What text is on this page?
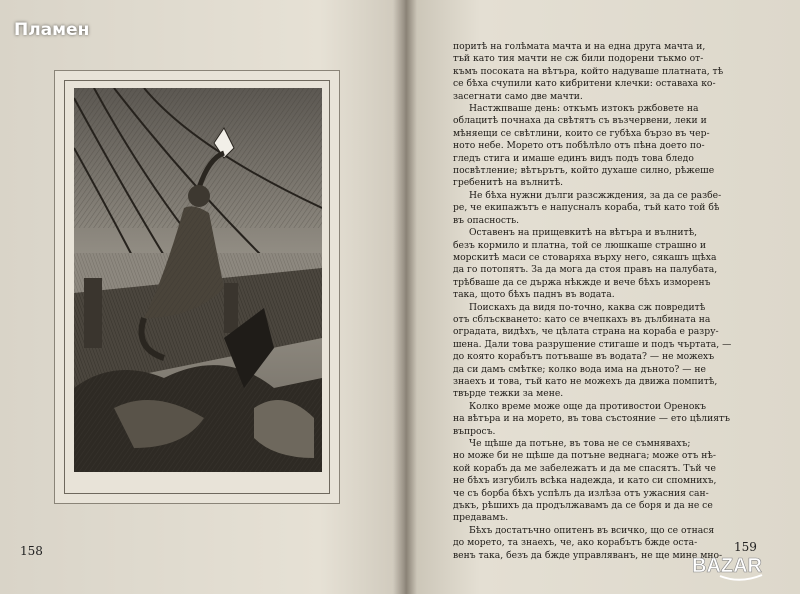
Пламен
158
поритѣ на голѣмата мачта и на една друга мачта и,
тъй като тия мачти не сж били подорени тъкмо от-
къмъ посоката на вѣтъра, който надуваше платната, тѣ
се бѣха счупили като кибритени клечки: оставаха ко-
засегнати само две мачти.
Настжпваше день: откъмъ изтокъ ржбовете на
облацитѣ почнаха да свѣтятъ съ възчервени, леки и
мѣняещи се свѣтлини, които се губѣха бързо въ чер-
ното небе. Морето отъ побѣлѣло отъ пѣна доето по-
гледъ стига и имаше единъ видъ подъ това бледо
посвѣтление; вѣтърътъ, който духаше силно, рѣжеше
гребенитѣ на вълнитѣ.
Не бѣха нужни дълги разсжждения, за да се разбе-
ре, че екипажътъ е напусналъ кораба, тъй като той бѣ
въ опасность.
Оставенъ на прищевкитѣ на вѣтъра и вълнитѣ,
безъ кормило и платна, той се люшкаше страшно и
морскитѣ маси се стоваряха върху него, сякашъ щѣха
да го потопятъ. За да мога да стоя правъ на палубата,
трѣбваше да се държа нѣкжде и вече бѣхъ изморенъ
така, щото бѣхъ паднъ въ водата.
Поискахъ да видя по-точно, каква сж повредитѣ
отъ сблъскването: като се вчепкахъ въ дълбината на
оградата, видѣхъ, че цѣлата страна на кораба е разру-
шена. Дали това разрушение стигаше и подъ чъртата, —
до която корабътъ потъваше въ водата? — не можехъ
да си дамъ смѣтке; колко вода има на дъното? — не
знаехъ и това, тъй като не можехъ да движа помпитѣ,
твърде тежки за мене.
Колко време може още да противостои Оренокъ
на вѣтъра и на морето, въ това състояние — ето цѣлиятъ
въпросъ.
Че щѣше да потъне, въ това не се съмнявахъ;
но може би не щѣше да потъне веднага; може отъ нѣ-
кой корабъ да ме забележатъ и да ме спасятъ. Тъй че
не бѣхъ изгубилъ всѣка надежда, и като си спомнихъ,
че съ борба бѣхъ успѣлъ да излѣза отъ ужасния сан-
дъкъ, рѣшихъ да продължавамъ да се боря и да не се
предавамъ.
Бѣхъ достатъчно опитенъ въ всичко, що се отнася
до морето, та знаехъ, че, ако корабътъ бжде оста-
венъ така, безъ да бжде управляванъ, не ще мине мно-
159
BAZAR
